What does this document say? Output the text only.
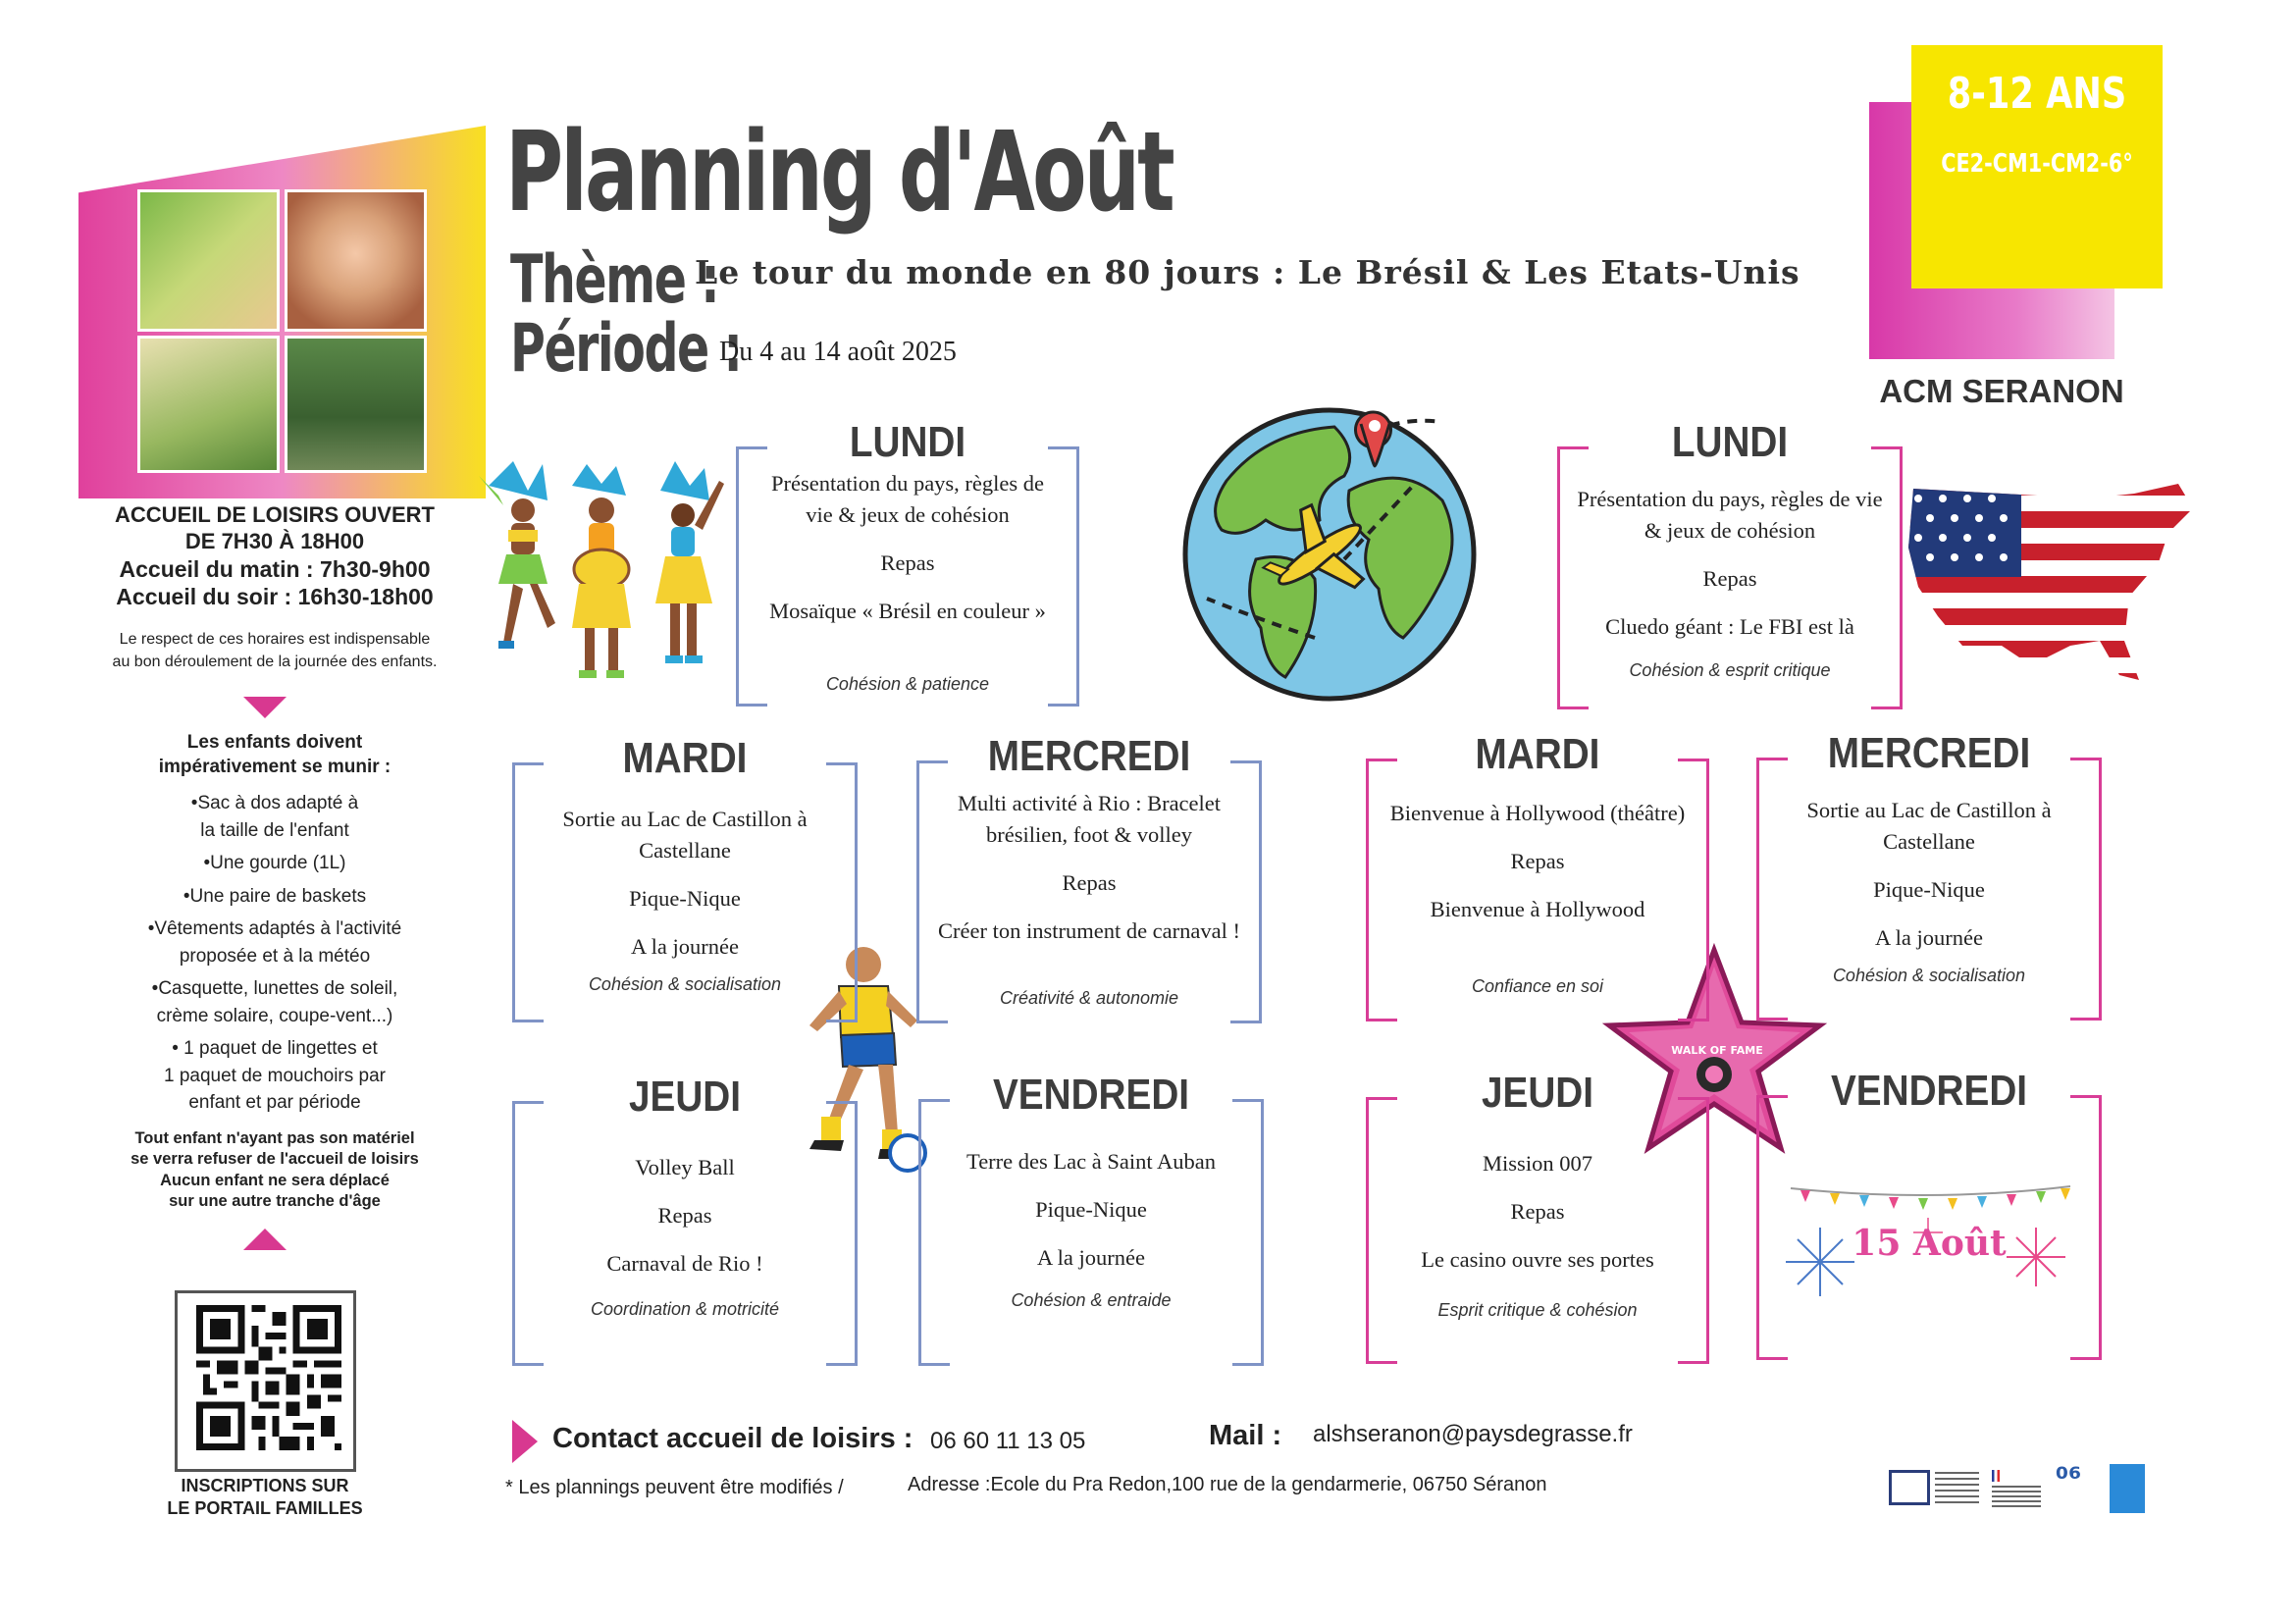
Planning d'Août
Thème :
Le tour du monde en 80 jours : Le Brésil & Les Etats-Unis
Période :
Du 4 au 14 août 2025
8-12 ANS
CE2-CM1-CM2-6°
ACM SERANON
ACCUEIL DE LOISIRS OUVERT
DE 7H30 À 18H00
Accueil du matin : 7h30-9h00
Accueil du soir : 16h30-18h00
Le respect de ces horaires est indispensable
au bon déroulement de la journée des enfants.
Les enfants doivent
impérativement se munir :
•Sac à dos adapté à
la taille de l'enfant
•Une gourde (1L)
•Une paire de baskets
•Vêtements adaptés à l'activité
proposée et à la météo
•Casquette, lunettes de soleil,
crème solaire, coupe-vent...)
• 1 paquet de lingettes et
1 paquet de mouchoirs par
enfant et par période
Tout enfant n'ayant pas son matériel
se verra refuser de l'accueil de loisirs
Aucun enfant ne sera déplacé
sur une autre tranche d'âge
INSCRIPTIONS SUR
LE PORTAIL FAMILLES
WALK OF FAME
LUNDI

Présentation du pays, règles de vie & jeux de cohésion

Repas

Mosaïque « Brésil en couleur »

Cohésion & patience
MARDI

Sortie au Lac de Castillon à Castellane

Pique-Nique

A la journée

Cohésion & socialisation
MERCREDI

Multi activité à Rio : Bracelet brésilien, foot & volley

Repas

Créer ton instrument de carnaval !

Créativité & autonomie
JEUDI

Volley Ball

Repas

Carnaval de Rio !

Coordination & motricité
VENDREDI

Terre des Lac à Saint Auban

Pique-Nique

A la journée

Cohésion & entraide
LUNDI

Présentation du pays, règles de vie & jeux de cohésion

Repas

Cluedo géant : Le FBI est là

Cohésion & esprit critique
MARDI

Bienvenue à Hollywood (théâtre)

Repas

Bienvenue à Hollywood

Confiance en soi
MERCREDI

Sortie au Lac de Castillon à Castellane

Pique-Nique

A la journée

Cohésion & socialisation
JEUDI

Mission 007

Repas

Le casino ouvre ses portes

Esprit critique & cohésion
VENDREDI
15 Août
Contact accueil de loisirs : 06 60 11 13 05	Mail : alshseranon@paysdegrasse.fr
* Les plannings peuvent être modifiés /	Adresse :Ecole du Pra Redon,100 rue de la gendarmerie, 06750 Séranon	⁰⁶
